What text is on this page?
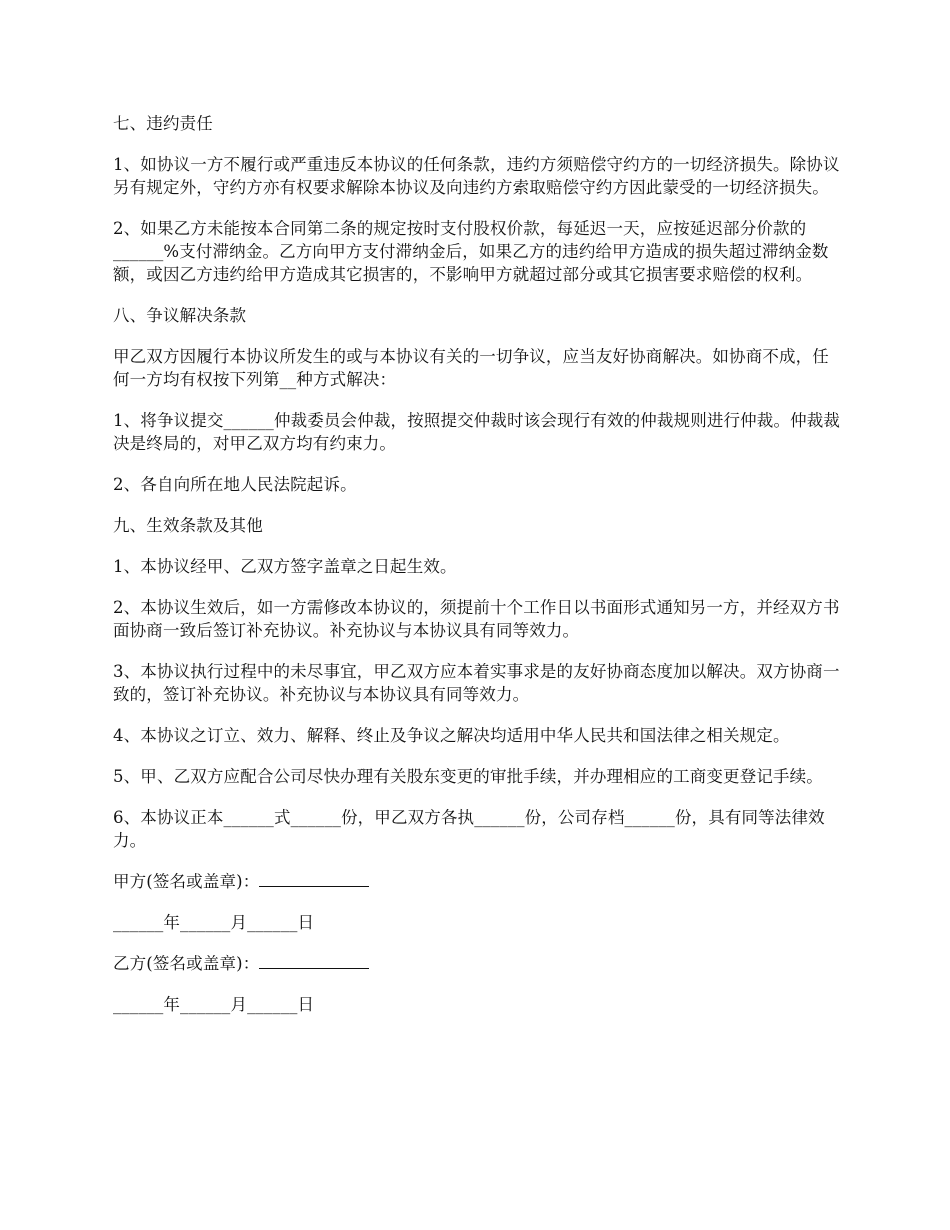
七、违约责任

1、如协议一方不履行或严重违反本协议的任何条款，违约方须赔偿守约方的一切经济损失。除协议另有规定外，守约方亦有权要求解除本协议及向违约方索取赔偿守约方因此蒙受的一切经济损失。

2、如果乙方未能按本合同第二条的规定按时支付股权价款，每延迟一天，应按延迟部分价款的______%支付滞纳金。乙方向甲方支付滞纳金后，如果乙方的违约给甲方造成的损失超过滞纳金数额，或因乙方违约给甲方造成其它损害的，不影响甲方就超过部分或其它损害要求赔偿的权利。

八、争议解决条款

甲乙双方因履行本协议所发生的或与本协议有关的一切争议，应当友好协商解决。如协商不成，任何一方均有权按下列第__种方式解决：

1、将争议提交______仲裁委员会仲裁，按照提交仲裁时该会现行有效的仲裁规则进行仲裁。仲裁裁决是终局的，对甲乙双方均有约束力。

2、各自向所在地人民法院起诉。

九、生效条款及其他

1、本协议经甲、乙双方签字盖章之日起生效。

2、本协议生效后，如一方需修改本协议的，须提前十个工作日以书面形式通知另一方，并经双方书面协商一致后签订补充协议。补充协议与本协议具有同等效力。

3、本协议执行过程中的未尽事宜，甲乙双方应本着实事求是的友好协商态度加以解决。双方协商一致的，签订补充协议。补充协议与本协议具有同等效力。

4、本协议之订立、效力、解释、终止及争议之解决均适用中华人民共和国法律之相关规定。

5、甲、乙双方应配合公司尽快办理有关股东变更的审批手续，并办理相应的工商变更登记手续。

6、本协议正本______式______份，甲乙双方各执______份，公司存档______份，具有同等法律效力。

甲方(签名或盖章)：

______年______月______日

乙方(签名或盖章)：

______年______月______日
